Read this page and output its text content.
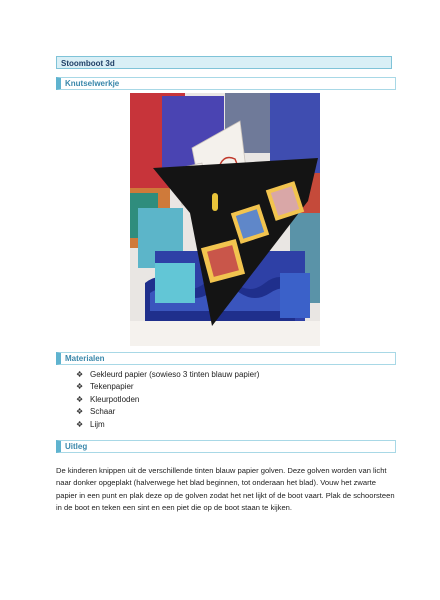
Stoomboot 3d
Knutselwerkje
Materialen
❖ Gekleurd papier (sowieso 3 tinten blauw papier)
❖ Tekenpapier
❖ Kleurpotloden
❖ Schaar
❖ Lijm
Uitleg

De kinderen knippen uit de verschillende tinten blauw papier golven. Deze golven worden van licht naar donker opgeplakt (halverwege het blad beginnen, tot onderaan het blad). Vouw het zwarte papier in een punt en plak deze op de golven zodat het net lijkt of de boot vaart. Plak de schoorsteen in de boot en teken een sint en een piet die op de boot staan te kijken.
